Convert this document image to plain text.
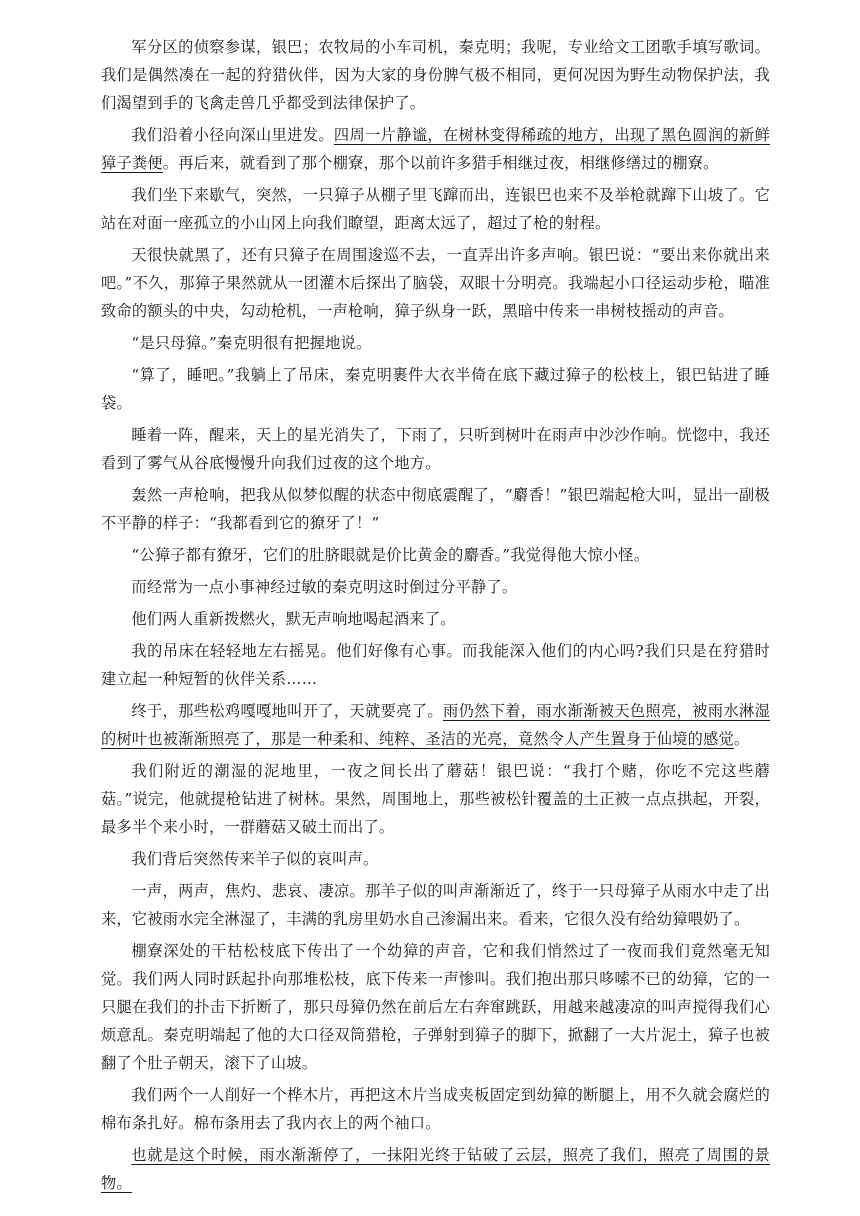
军分区的侦察参谋，银巴；农牧局的小车司机，秦克明；我呢，专业给文工团歌手填写歌词。我们是偶然凑在一起的狩猎伙伴，因为大家的身份脾气极不相同，更何况因为野生动物保护法，我们渴望到手的飞禽走兽几乎都受到法律保护了。

我们沿着小径向深山里进发。四周一片静谧，在树林变得稀疏的地方，出现了黑色圆润的新鲜獐子粪便。再后来，就看到了那个棚寮，那个以前许多猎手相继过夜，相继修缮过的棚寮。

我们坐下来歇气，突然，一只獐子从棚子里飞蹿而出，连银巴也来不及举枪就蹿下山坡了。它站在对面一座孤立的小山冈上向我们瞭望，距离太远了，超过了枪的射程。

天很快就黑了，还有只獐子在周围逡巡不去，一直弄出许多声响。银巴说：“要出来你就出来吧。”不久，那獐子果然就从一团灌木后探出了脑袋，双眼十分明亮。我端起小口径运动步枪，瞄准致命的额头的中央，勾动枪机，一声枪响，獐子纵身一跃，黑暗中传来一串树枝摇动的声音。

“是只母獐。”秦克明很有把握地说。

“算了，睡吧。”我躺上了吊床，秦克明裹件大衣半倚在底下藏过獐子的松枝上，银巴钻进了睡袋。

睡着一阵，醒来，天上的星光消失了，下雨了，只听到树叶在雨声中沙沙作响。恍惚中，我还看到了雾气从谷底慢慢升向我们过夜的这个地方。

轰然一声枪响，把我从似梦似醒的状态中彻底震醒了，“麝香！”银巴端起枪大叫，显出一副极不平静的样子：“我都看到它的獠牙了！”

“公獐子都有獠牙，它们的肚脐眼就是价比黄金的麝香。”我觉得他大惊小怪。

而经常为一点小事神经过敏的秦克明这时倒过分平静了。

他们两人重新拨燃火，默无声响地喝起酒来了。

我的吊床在轻轻地左右摇晃。他们好像有心事。而我能深入他们的内心吗?我们只是在狩猎时建立起一种短暂的伙伴关系……

终于，那些松鸡嘎嘎地叫开了，天就要亮了。雨仍然下着，雨水渐渐被天色照亮，被雨水淋湿的树叶也被渐渐照亮了，那是一种柔和、纯粹、圣洁的光亮，竟然令人产生置身于仙境的感觉。

我们附近的潮湿的泥地里，一夜之间长出了蘑菇！银巴说：“我打个赌，你吃不完这些蘑菇。”说完，他就提枪钻进了树林。果然，周围地上，那些被松针覆盖的土正被一点点拱起，开裂，最多半个来小时，一群蘑菇又破土而出了。

我们背后突然传来羊子似的哀叫声。

一声，两声，焦灼、悲哀、凄凉。那羊子似的叫声渐渐近了，终于一只母獐子从雨水中走了出来，它被雨水完全淋湿了，丰满的乳房里奶水自己渗漏出来。看来，它很久没有给幼獐喂奶了。

棚寮深处的干枯松枝底下传出了一个幼獐的声音，它和我们悄然过了一夜而我们竟然毫无知觉。我们两人同时跃起扑向那堆松枝，底下传来一声惨叫。我们抱出那只哆嗦不已的幼獐，它的一只腿在我们的扑击下折断了，那只母獐仍然在前后左右奔窜跳跃，用越来越凄凉的叫声搅得我们心烦意乱。秦克明端起了他的大口径双筒猎枪，子弹射到獐子的脚下，掀翻了一大片泥土，獐子也被翻了个肚子朝天，滚下了山坡。

我们两个一人削好一个桦木片，再把这木片当成夹板固定到幼獐的断腿上，用不久就会腐烂的棉布条扎好。棉布条用去了我内衣上的两个袖口。

也就是这个时候，雨水渐渐停了，一抹阳光终于钻破了云层，照亮了我们，照亮了周围的景物。
